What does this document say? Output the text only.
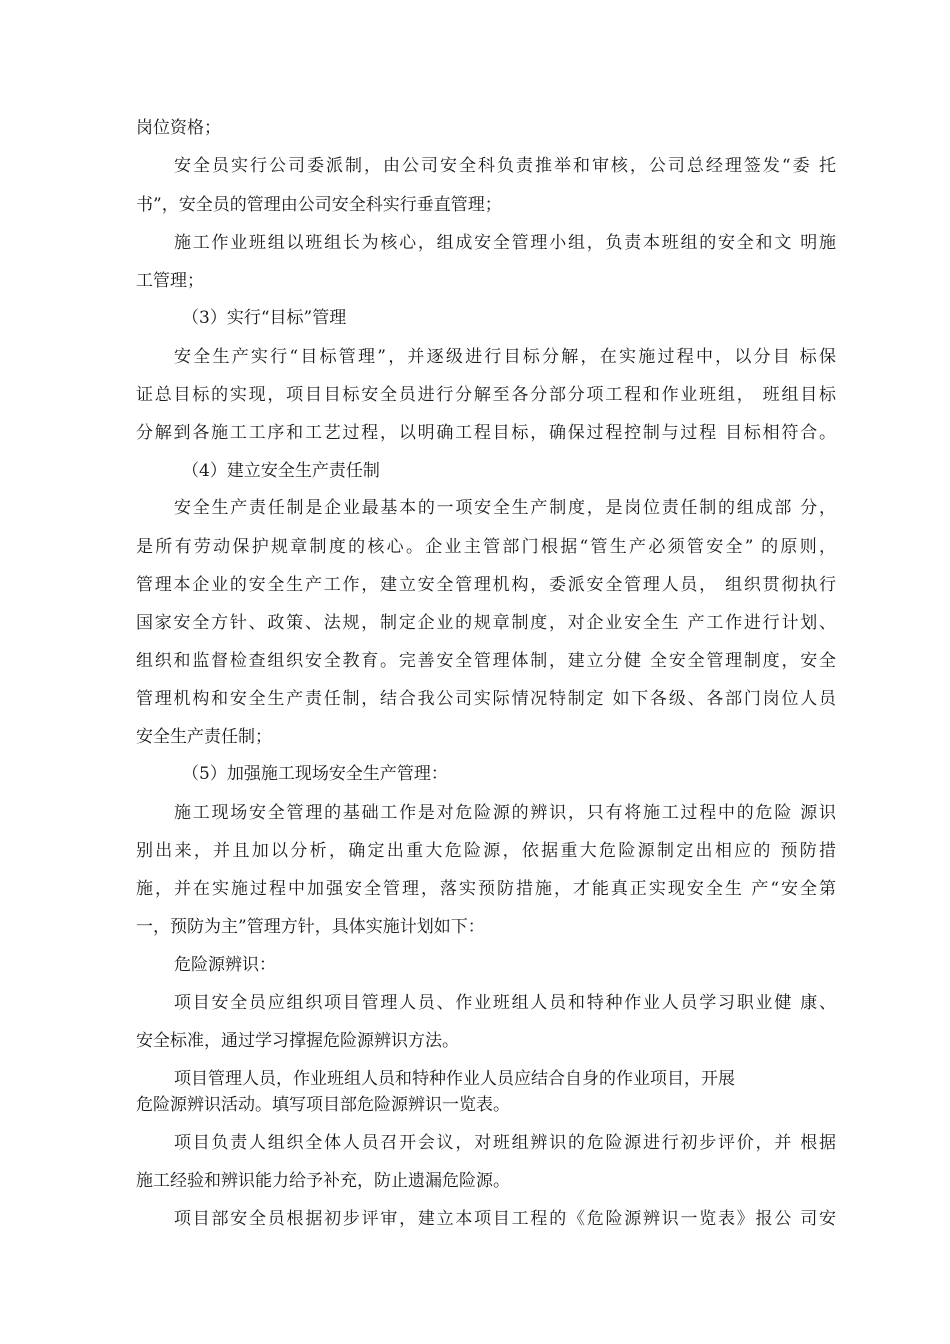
岗位资格；
安全员实行公司委派制，由公司安全科负责推举和审核，公司总经理签发“委 托
书”，安全员的管理由公司安全科实行垂直管理；
施工作业班组以班组长为核心，组成安全管理小组，负责本班组的安全和文 明施
工管理；
（3）实行“目标”管理
安全生产实行“目标管理”，并逐级进行目标分解，在实施过程中，以分目 标保
证总目标的实现，项目目标安全员进行分解至各分部分项工程和作业班组， 班组目标
分解到各施工工序和工艺过程，以明确工程目标，确保过程控制与过程 目标相符合。
（4）建立安全生产责任制
安全生产责任制是企业最基本的一项安全生产制度，是岗位责任制的组成部 分，
是所有劳动保护规章制度的核心。企业主管部门根据“管生产必须管安全” 的原则，
管理本企业的安全生产工作，建立安全管理机构，委派安全管理人员， 组织贯彻执行
国家安全方针、政策、法规，制定企业的规章制度，对企业安全生 产工作进行计划、
组织和监督检查组织安全教育。完善安全管理体制，建立分健 全安全管理制度，安全
管理机构和安全生产责任制，结合我公司实际情况特制定 如下各级、各部门岗位人员
安全生产责任制；
（5）加强施工现场安全生产管理：
施工现场安全管理的基础工作是对危险源的辨识，只有将施工过程中的危险 源识
别出来，并且加以分析，确定出重大危险源，依据重大危险源制定出相应的 预防措
施，并在实施过程中加强安全管理，落实预防措施，才能真正实现安全生 产“安全第
一，预防为主”管理方针，具体实施计划如下：
危险源辨识：
项目安全员应组织项目管理人员、作业班组人员和特种作业人员学习职业健 康、
安全标准，通过学习撑握危险源辨识方法。
项目管理人员，作业班组人员和特种作业人员应结合自身的作业项目，开展
危险源辨识活动。填写项目部危险源辨识一览表。
项目负责人组织全体人员召开会议，对班组辨识的危险源进行初步评价，并 根据
施工经验和辨识能力给予补充，防止遗漏危险源。
项目部安全员根据初步评审，建立本项目工程的《危险源辨识一览表》报公 司安
